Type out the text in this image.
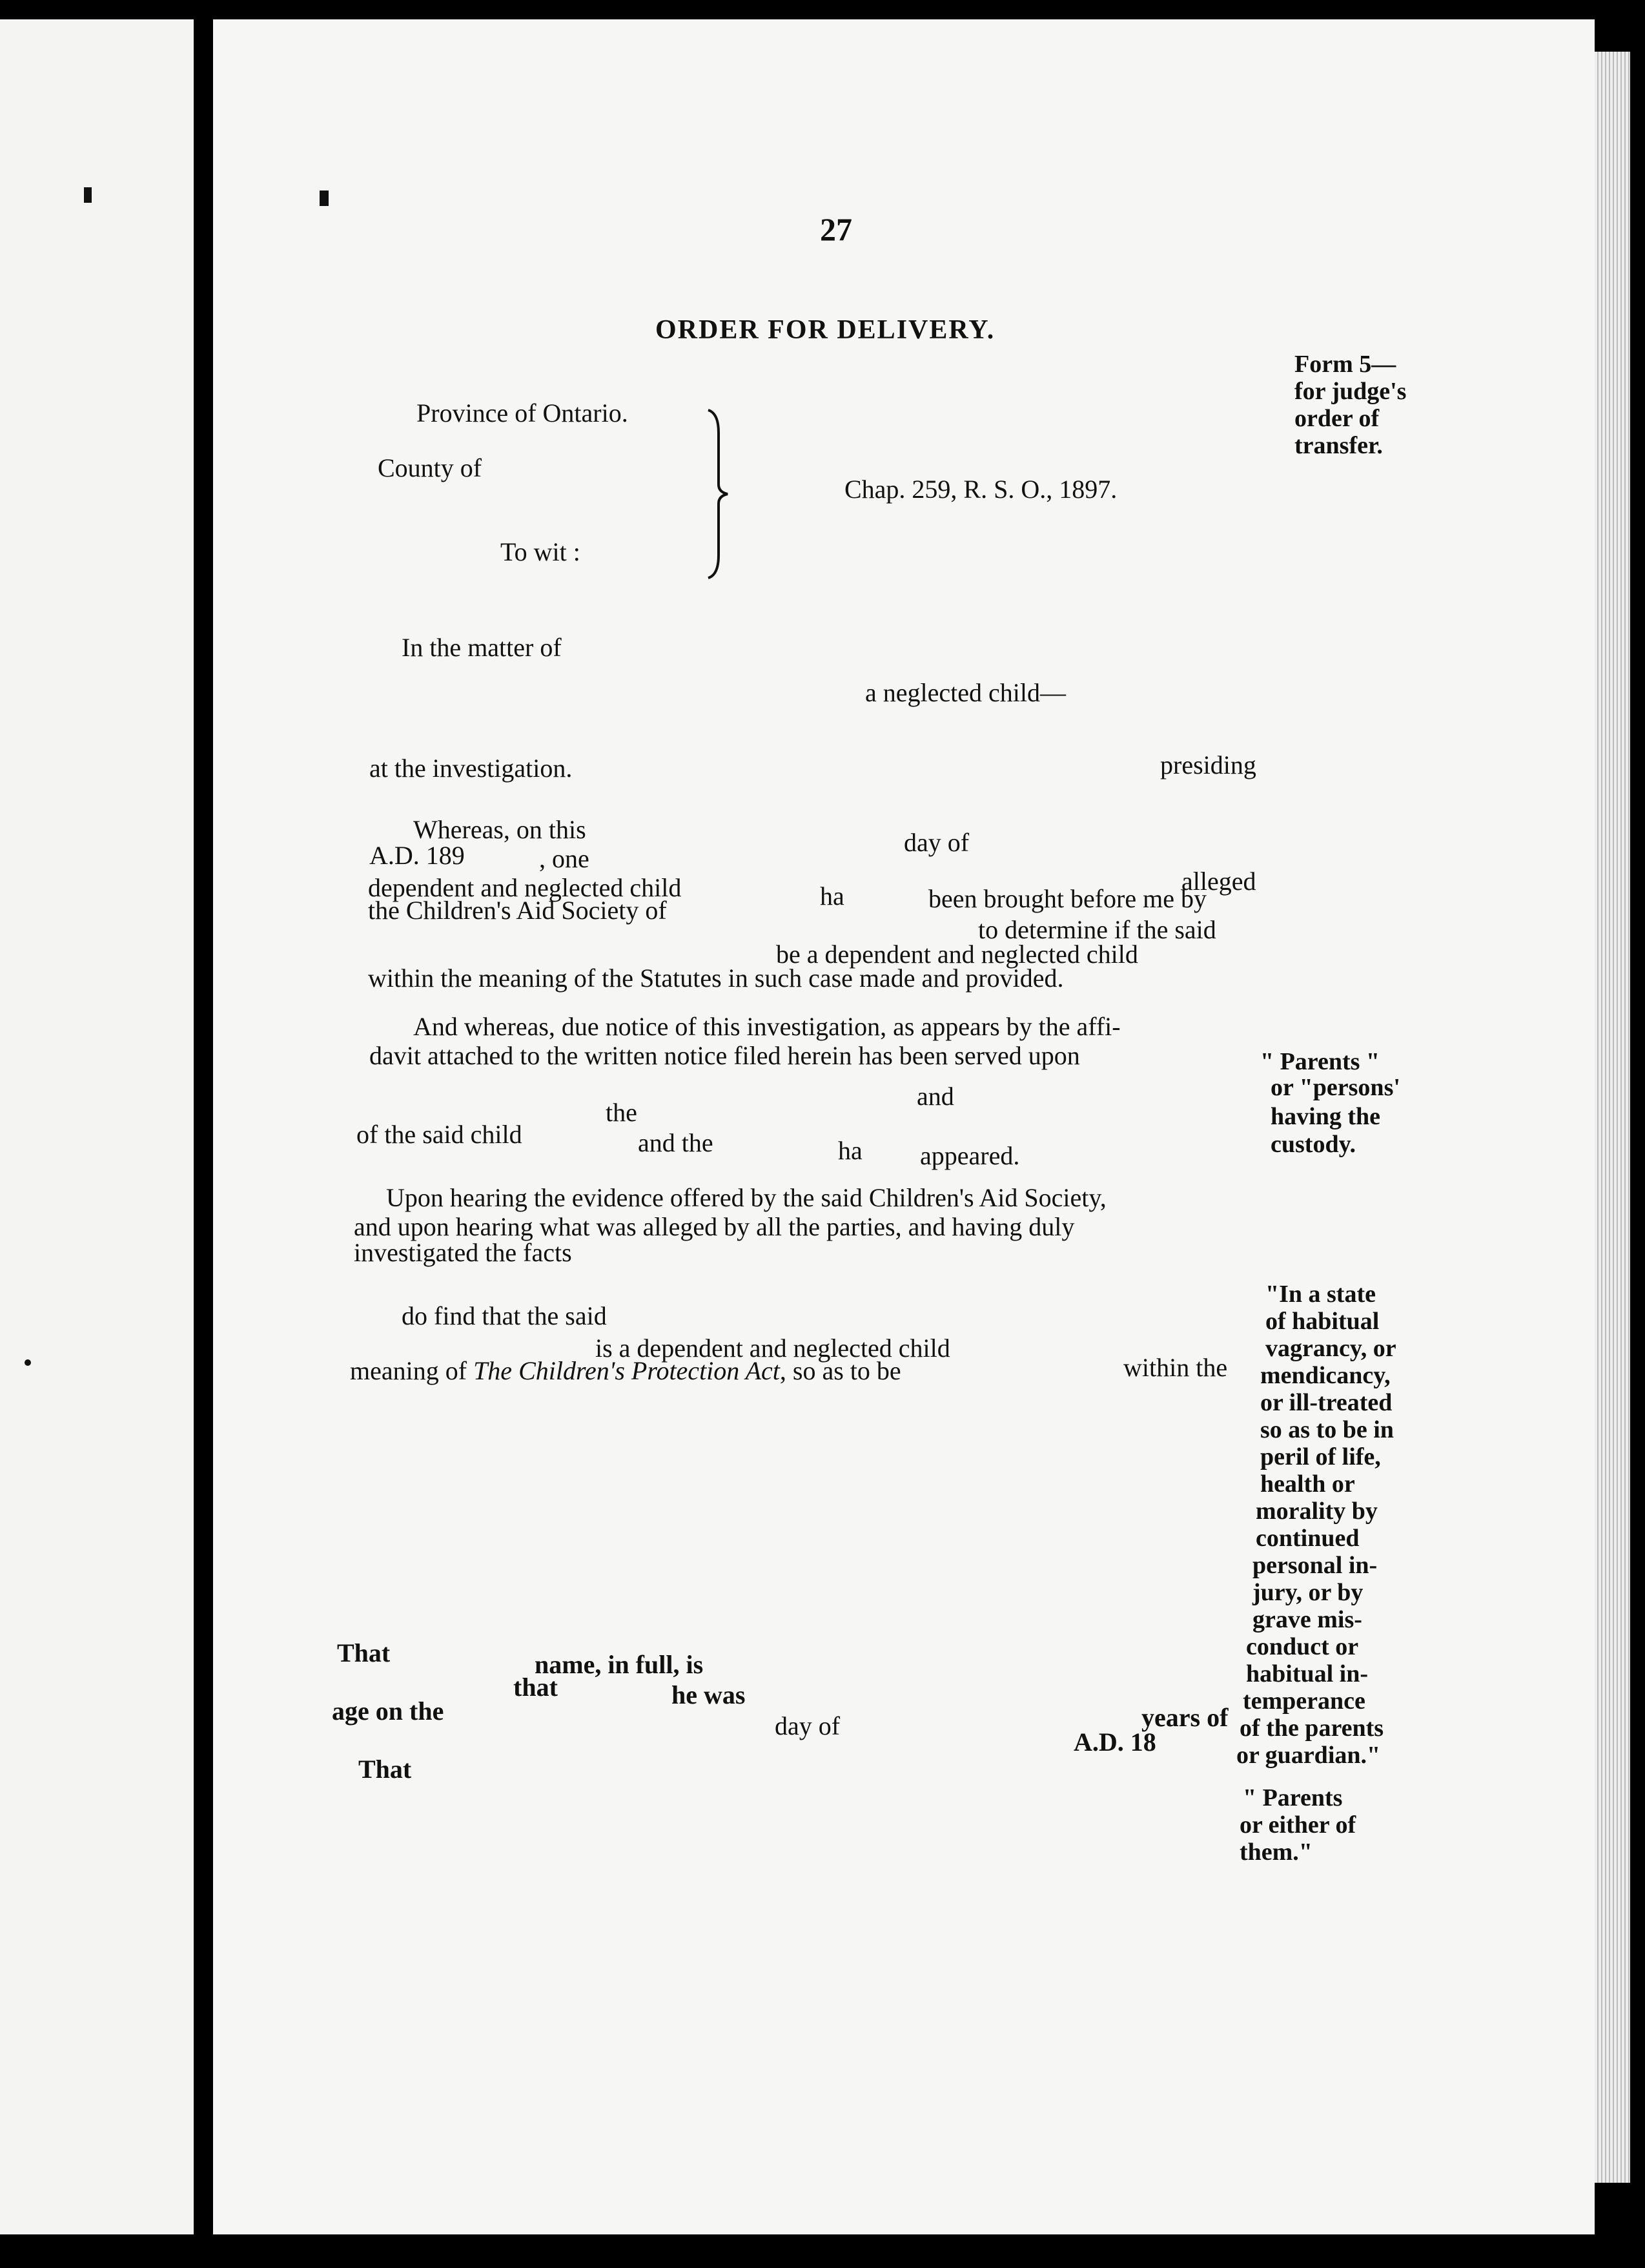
27
ORDER FOR DELIVERY.
Form 5—
for judge's
order of
transfer.
Province of Ontario.
County of
To wit :
Chap. 259, R. S. O., 1897.
In the matter of
a neglected child—
at the investigation.	presiding
Whereas, on this	day of
A.D. 189	, one
alleged
dependent and neglected child	ha	been brought before me by
the Children's Aid Society of
to determine if the said
be a dependent and neglected child
within the meaning of the Statutes in such case made and provided.
And whereas, due notice of this investigation, as appears by the affi-
davit attached to the written notice filed herein has been served upon
and
the
of the said child	and the	ha appeared.
" Parents "
or "persons'
having the
custody.
Upon hearing the evidence offered by the said Children's Aid Society,
and upon hearing what was alleged by all the parties, and having duly
investigated the facts
do find that the said
is a dependent and neglected child
within the
meaning of The Children's Protection Act, so as to be
"In a state
of habitual
vagrancy, or
mendicancy,
or ill-treated
so as to be in
peril of life,
health or
morality by
continued
personal in-
jury, or by
grave mis-
conduct or
habitual in-
temperance
of the parents
or guardian."
That	name, in full, is
that	he was
years of
age on the
day of
A.D. 18
That
" Parents
or either of
them."
